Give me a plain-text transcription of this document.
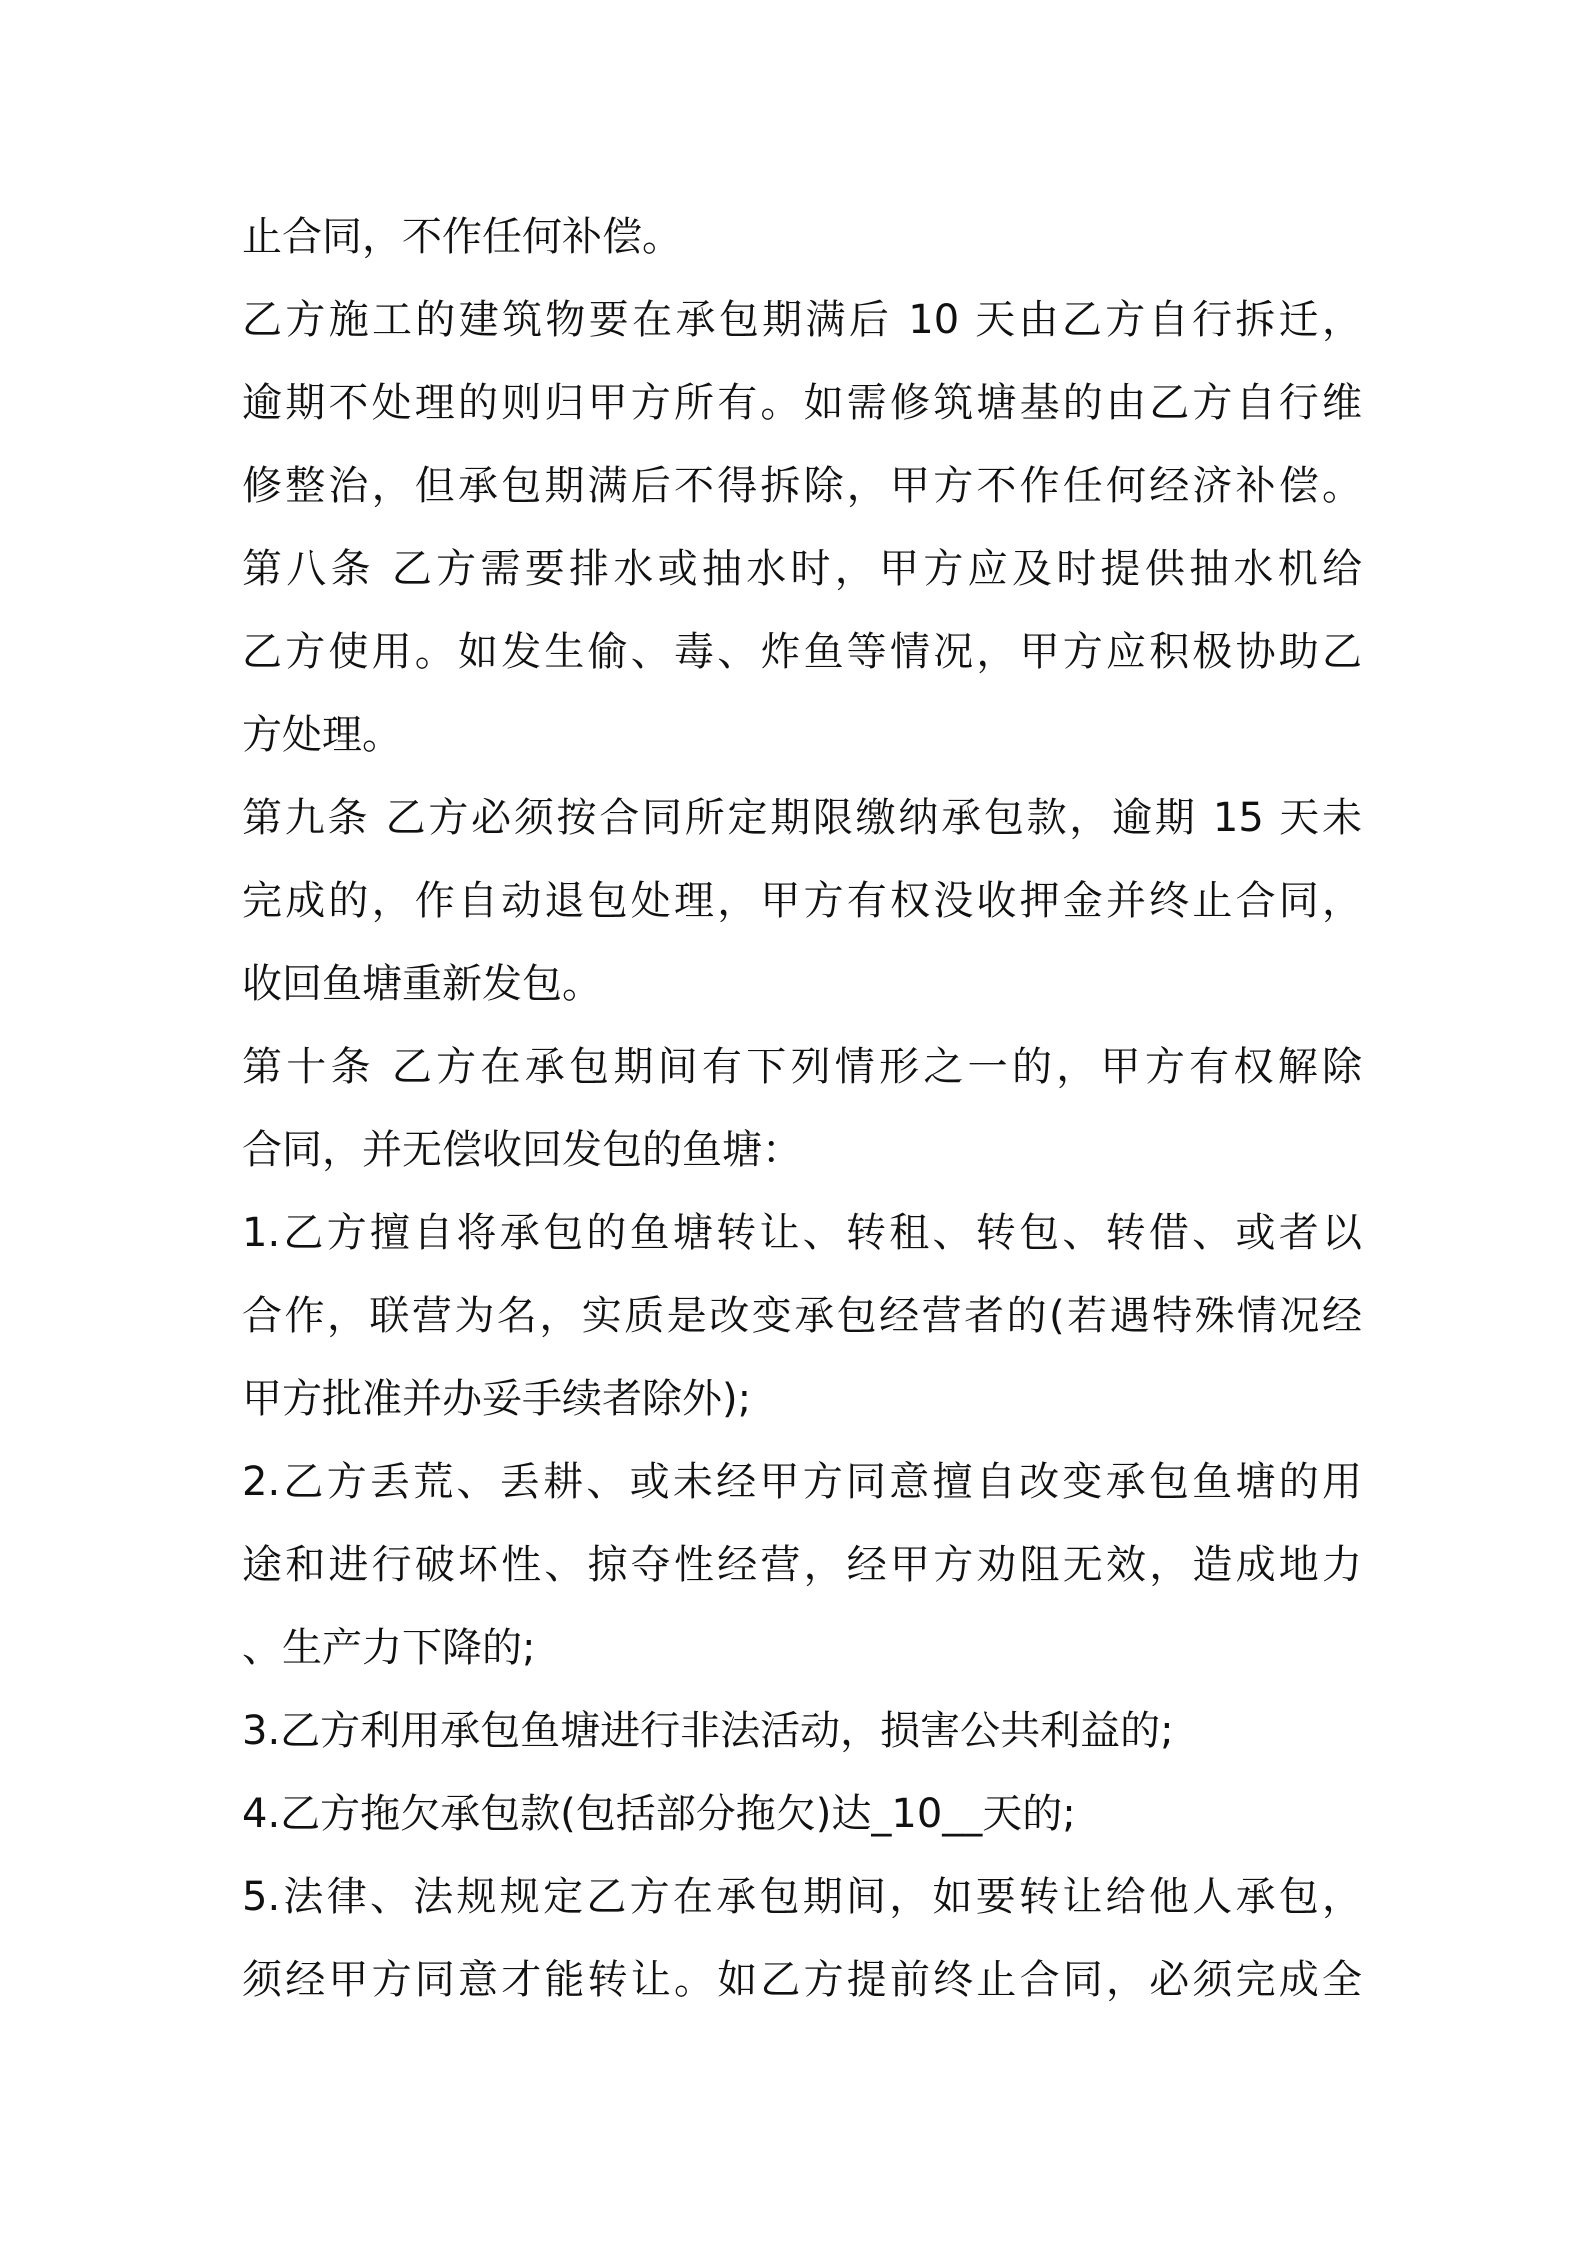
止合同，不作任何补偿。
乙方施工的建筑物要在承包期满后 10 天由乙方自行拆迁，
逾期不处理的则归甲方所有。如需修筑塘基的由乙方自行维
修整治，但承包期满后不得拆除，甲方不作任何经济补偿。
第八条 乙方需要排水或抽水时，甲方应及时提供抽水机给
乙方使用。如发生偷、毒、炸鱼等情况，甲方应积极协助乙
方处理。
第九条 乙方必须按合同所定期限缴纳承包款，逾期 15 天未
完成的，作自动退包处理，甲方有权没收押金并终止合同，
收回鱼塘重新发包。
第十条 乙方在承包期间有下列情形之一的，甲方有权解除
合同，并无偿收回发包的鱼塘：
1.乙方擅自将承包的鱼塘转让、转租、转包、转借、或者以
合作，联营为名，实质是改变承包经营者的(若遇特殊情况经
甲方批准并办妥手续者除外);
2.乙方丢荒、丢耕、或未经甲方同意擅自改变承包鱼塘的用
途和进行破坏性、掠夺性经营，经甲方劝阻无效，造成地力
、生产力下降的;
3.乙方利用承包鱼塘进行非法活动，损害公共利益的;
4.乙方拖欠承包款(包括部分拖欠)达_10__天的;
5.法律、法规规定乙方在承包期间，如要转让给他人承包，
须经甲方同意才能转让。如乙方提前终止合同，必须完成全
